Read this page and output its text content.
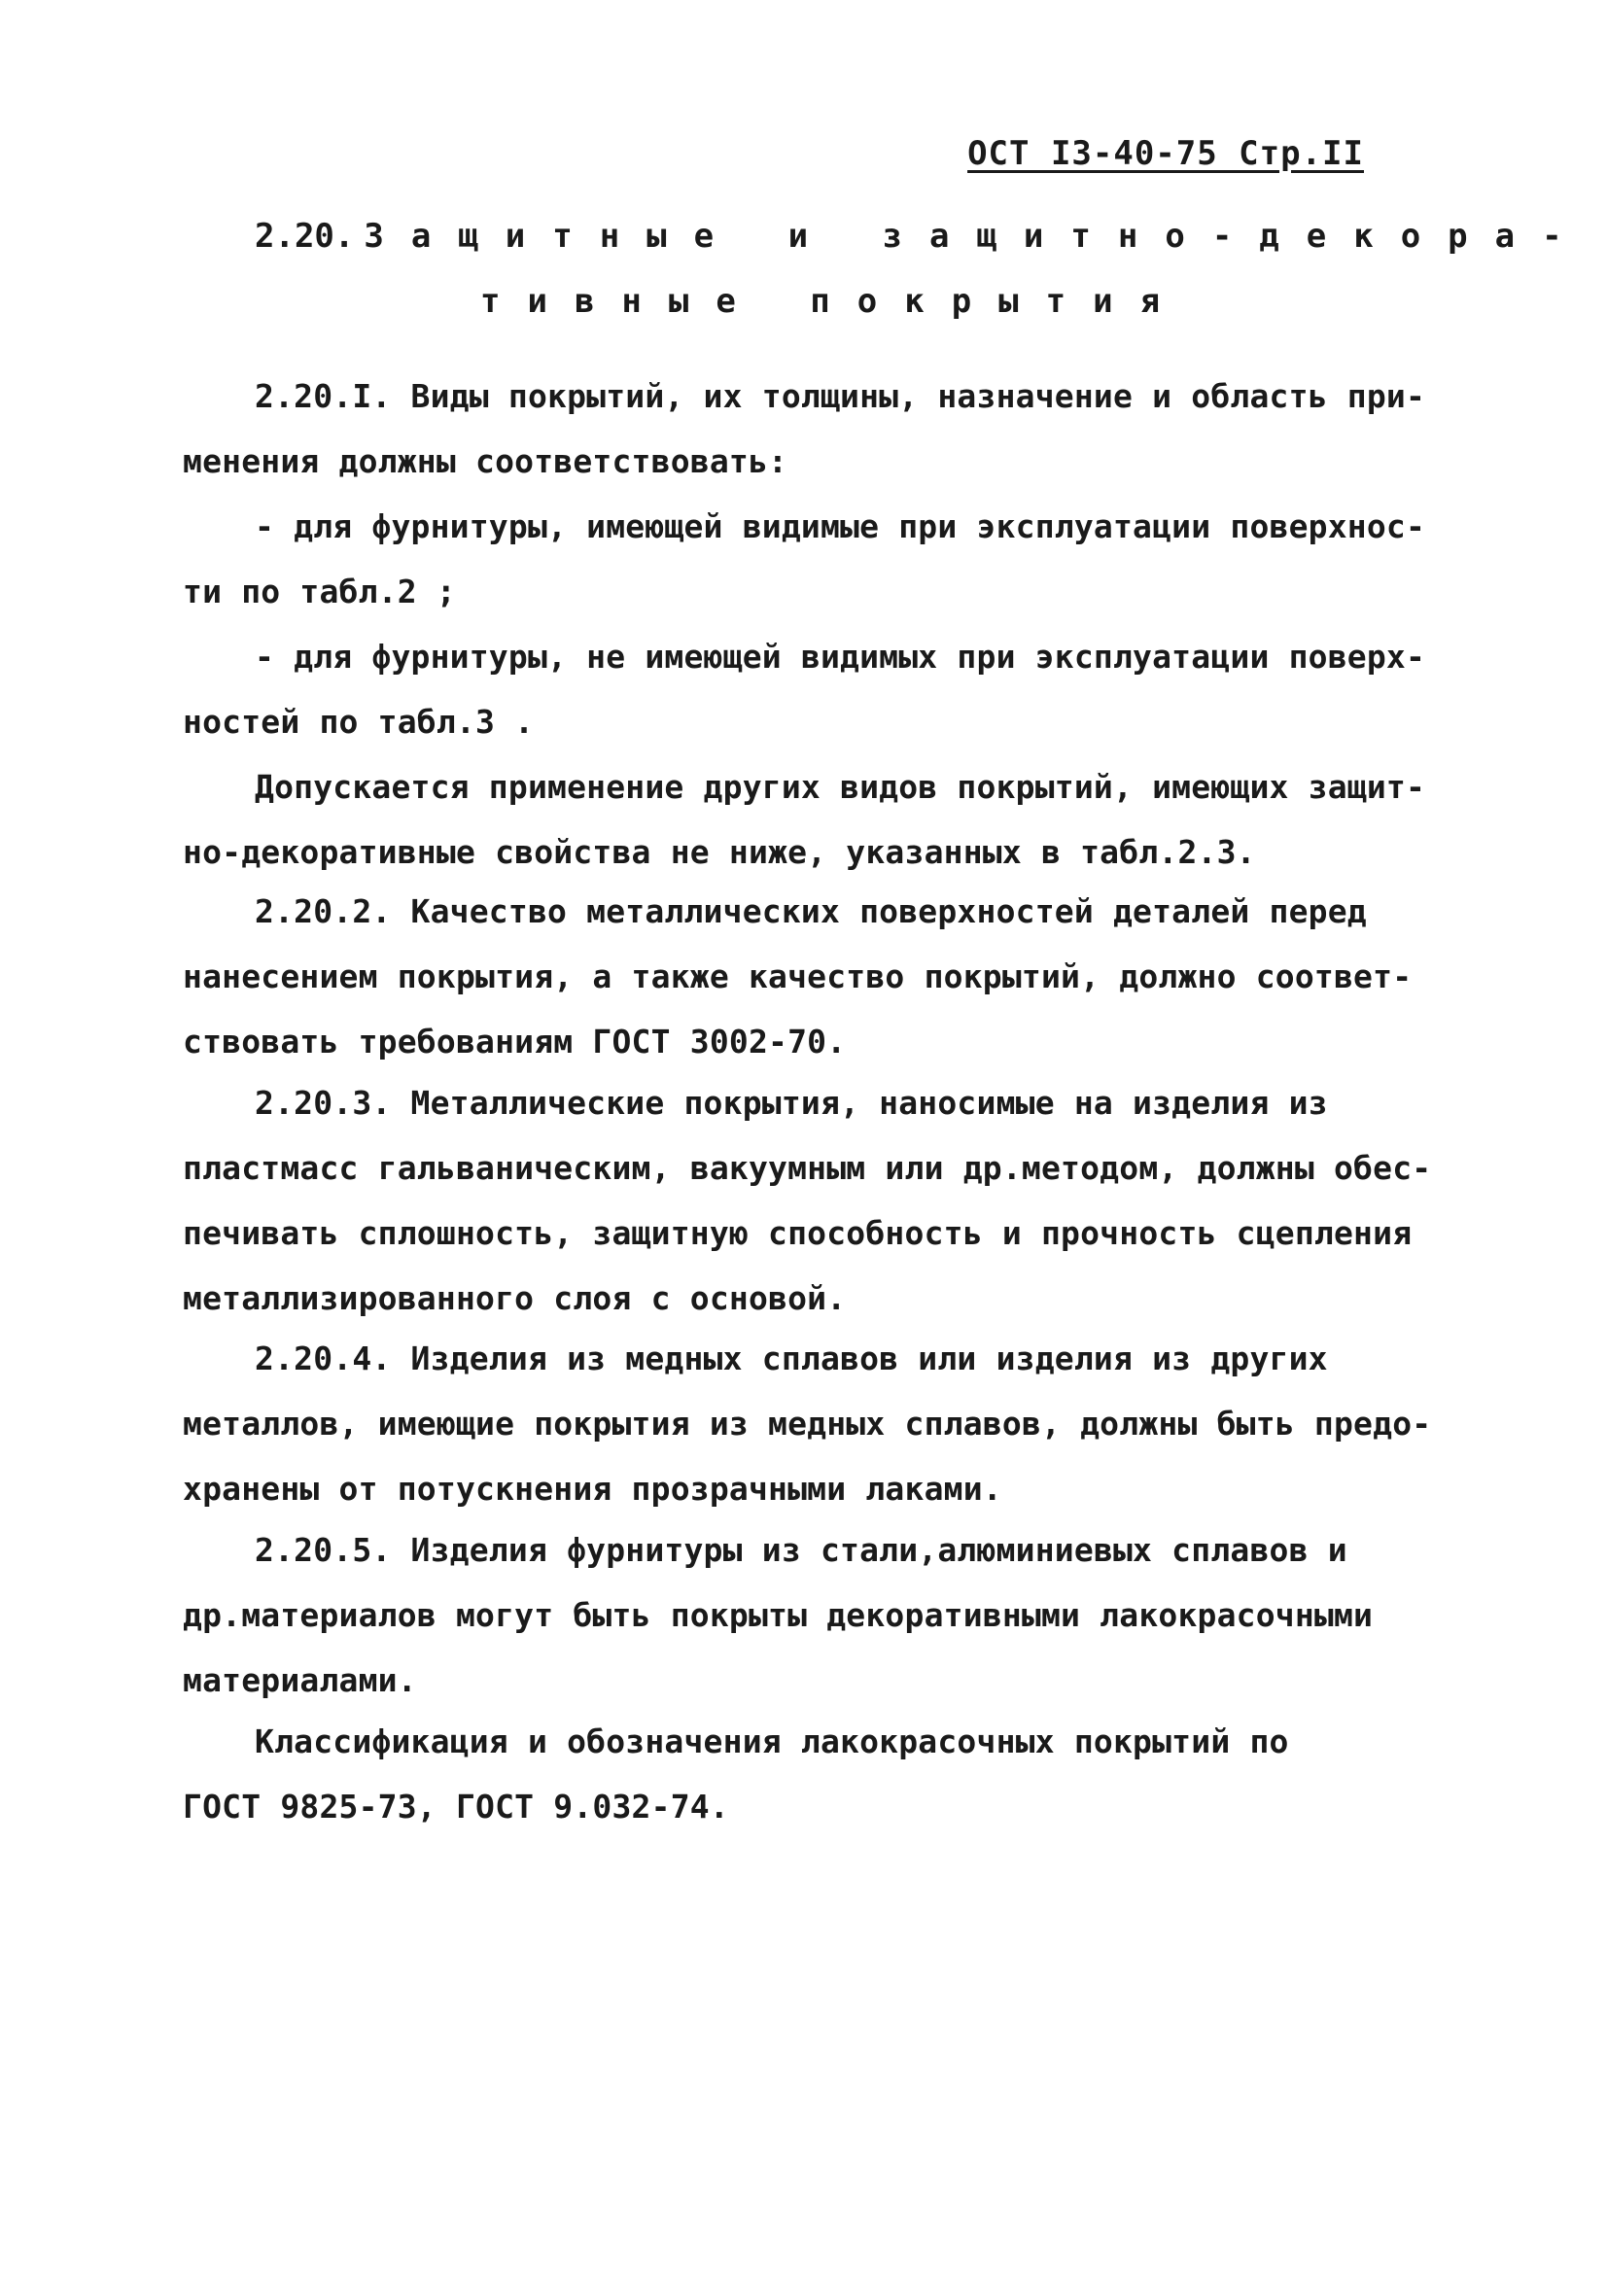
ОСТ I3-40-75 Стр.II
2.20. Защитные и защитно-декора-
тивные покрытия
2.20.I. Виды покрытий, их толщины, назначение и область при-
менения должны соответствовать:
- для фурнитуры, имеющей видимые при эксплуатации поверхнос-
ти по табл.2 ;
- для фурнитуры, не имеющей видимых при эксплуатации поверх-
ностей по табл.3 .
Допускается применение других видов покрытий, имеющих защит-
но-декоративные свойства не ниже, указанных в табл.2.3.
2.20.2. Качество металлических поверхностей деталей перед
нанесением покрытия, а также качество покрытий, должно соответ-
ствовать требованиям ГОСТ 3002-70.
2.20.3. Металлические покрытия, наносимые на изделия из
пластмасс гальваническим, вакуумным или др.методом, должны обес-
печивать сплошность, защитную способность и прочность сцепления
металлизированного слоя с основой.
2.20.4. Изделия из медных сплавов или изделия из других
металлов, имеющие покрытия из медных сплавов, должны быть предо-
хранены от потускнения прозрачными лаками.
2.20.5. Изделия фурнитуры из стали,алюминиевых сплавов и
др.материалов могут быть покрыты декоративными лакокрасочными
материалами.
Классификация и обозначения лакокрасочных покрытий по
ГОСТ 9825-73, ГОСТ 9.032-74.
